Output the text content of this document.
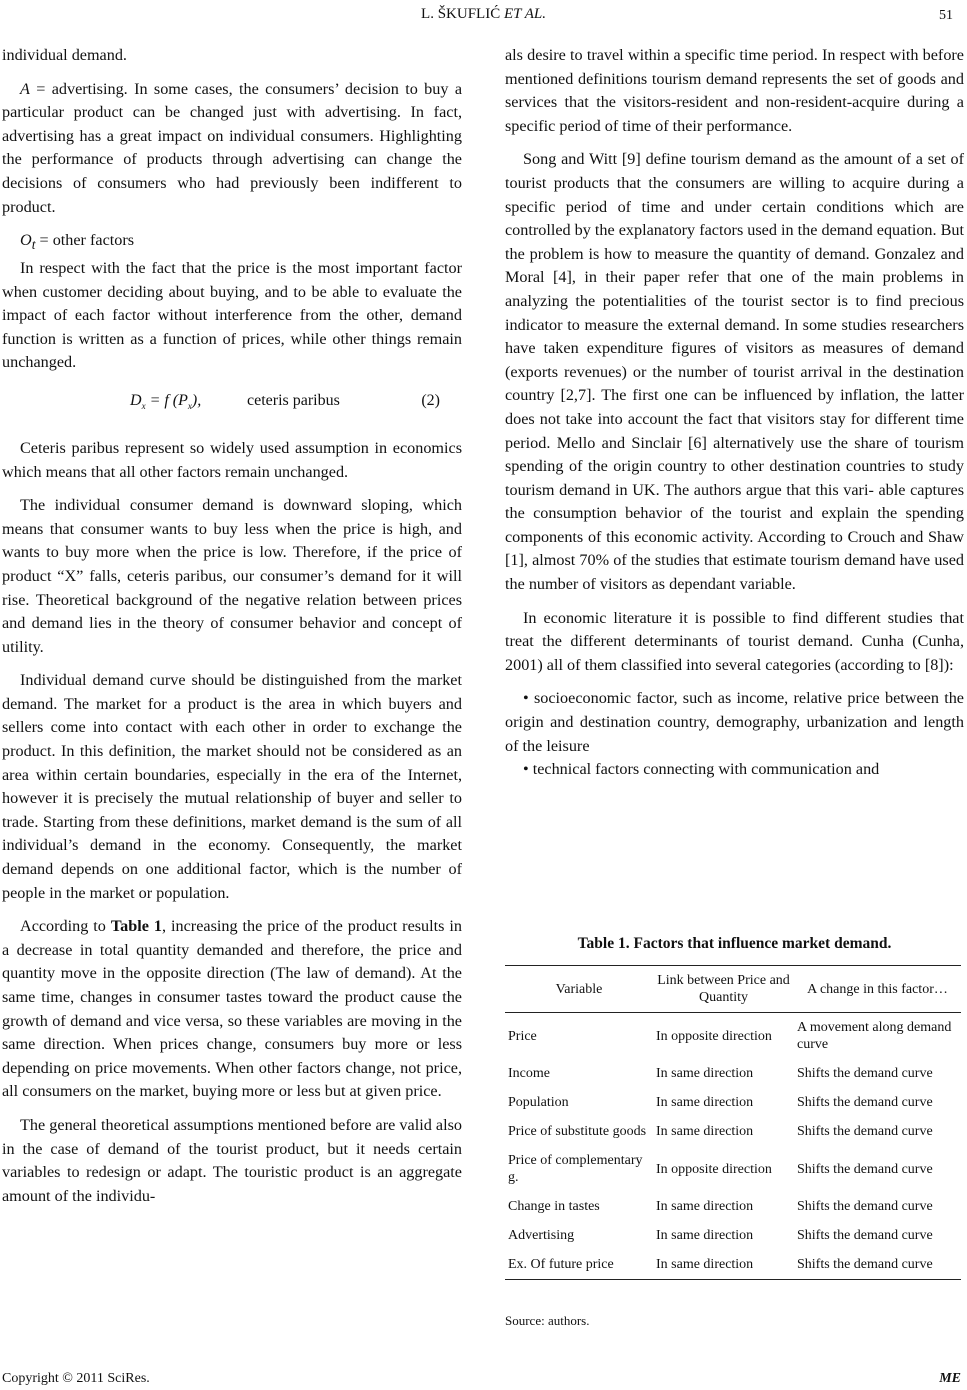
L. ŠKUFLIĆ ET AL.	51

individual demand.

A = advertising. In some cases, the consumers’ decision to buy a particular product can be changed just with advertising. In fact, advertising has a great impact on individual consumers. Highlighting the performance of products through advertising can change the decisions of consumers who had previously been indifferent to product.

$O_t$ = other factors

In respect with the fact that the price is the most important factor when customer deciding about buying, and to be able to evaluate the impact of each factor without interference from the other, demand function is written as a function of prices, while other things remain unchanged.

$D_x = f$ $(P_x)$,	ceteris paribus	(2)

Ceteris paribus represent so widely used assumption in economics which means that all other factors remain unchanged.

The individual consumer demand is downward sloping, which means that consumer wants to buy less when the price is high, and wants to buy more when the price is low. Therefore, if the price of product “X” falls, ceteris paribus, our consumer’s demand for it will rise. Theoretical background of the negative relation between prices and demand lies in the theory of consumer behavior and concept of utility.

Individual demand curve should be distinguished from the market demand. The market for a product is the area in which buyers and sellers come into contact with each other in order to exchange the product. In this definition, the market should not be considered as an area within certain boundaries, especially in the era of the Internet, however it is precisely the mutual relationship of buyer and seller to trade. Starting from these definitions, market demand is the sum of all individual’s demand in the economy. Consequently, the market demand depends on one additional factor, which is the number of people in the market or population.

According to Table 1, increasing the price of the product results in a decrease in total quantity demanded and therefore, the price and quantity move in the opposite direction (The law of demand). At the same time, changes in consumer tastes toward the product cause the growth of demand and vice versa, so these variables are moving in the same direction. When prices change, consumers buy more or less depending on price movements. When other factors change, not price, all consumers on the market, buying more or less but at given price.

The general theoretical assumptions mentioned before are valid also in the case of demand of the tourist product, but it needs certain variables to redesign or adapt. The touristic product is an aggregate amount of the individu-

als desire to travel within a specific time period. In respect with before mentioned definitions tourism demand represents the set of goods and services that the visitors-resident and non-resident-acquire during a specific period of time of their performance.

Song and Witt [9] define tourism demand as the amount of a set of tourist products that the consumers are willing to acquire during a specific period of time and under certain conditions which are controlled by the explanatory factors used in the demand equation. But the problem is how to measure the quantity of demand. Gonzalez and Moral [4], in their paper refer that one of the main problems in analyzing the potentialities of the tourist sector is to find precious indicator to measure the external demand. In some studies researchers have taken expenditure figures of visitors as measures of demand (exports revenues) or the number of tourist arrival in the destination country [2,7]. The first one can be influenced by inflation, the latter does not take into account the fact that visitors stay for different time period. Mello and Sinclair [6] alternatively use the share of tourism spending of the origin country to other destination countries to study tourism demand in UK. The authors argue that this vari- able captures the consumption behavior of the tourist and explain the spending components of this economic activity. According to Crouch and Shaw [1], almost 70% of the studies that estimate tourism demand have used the number of visitors as dependant variable.

In economic literature it is possible to find different studies that treat the different determinants of tourist demand. Cunha (Cunha, 2001) all of them classified into several categories (according to [8]):

• socioeconomic factor, such as income, relative price between the origin and destination country, demography, urbanization and length of the leisure

• technical factors connecting with communication and

Table 1. Factors that influence market demand.
Variable	Link between Price and Quantity	A change in this factor…
Price	In opposite direction	A movement along demand curve
Income	In same direction	Shifts the demand curve
Population	In same direction	Shifts the demand curve
Price of substitute goods	In same direction	Shifts the demand curve
Price of complementary g.	In opposite direction	Shifts the demand curve
Change in tastes	In same direction	Shifts the demand curve
Advertising	In same direction	Shifts the demand curve
Ex. Of future price	In same direction	Shifts the demand curve
Source: authors.
Copyright © 2011 SciRes.	ME
